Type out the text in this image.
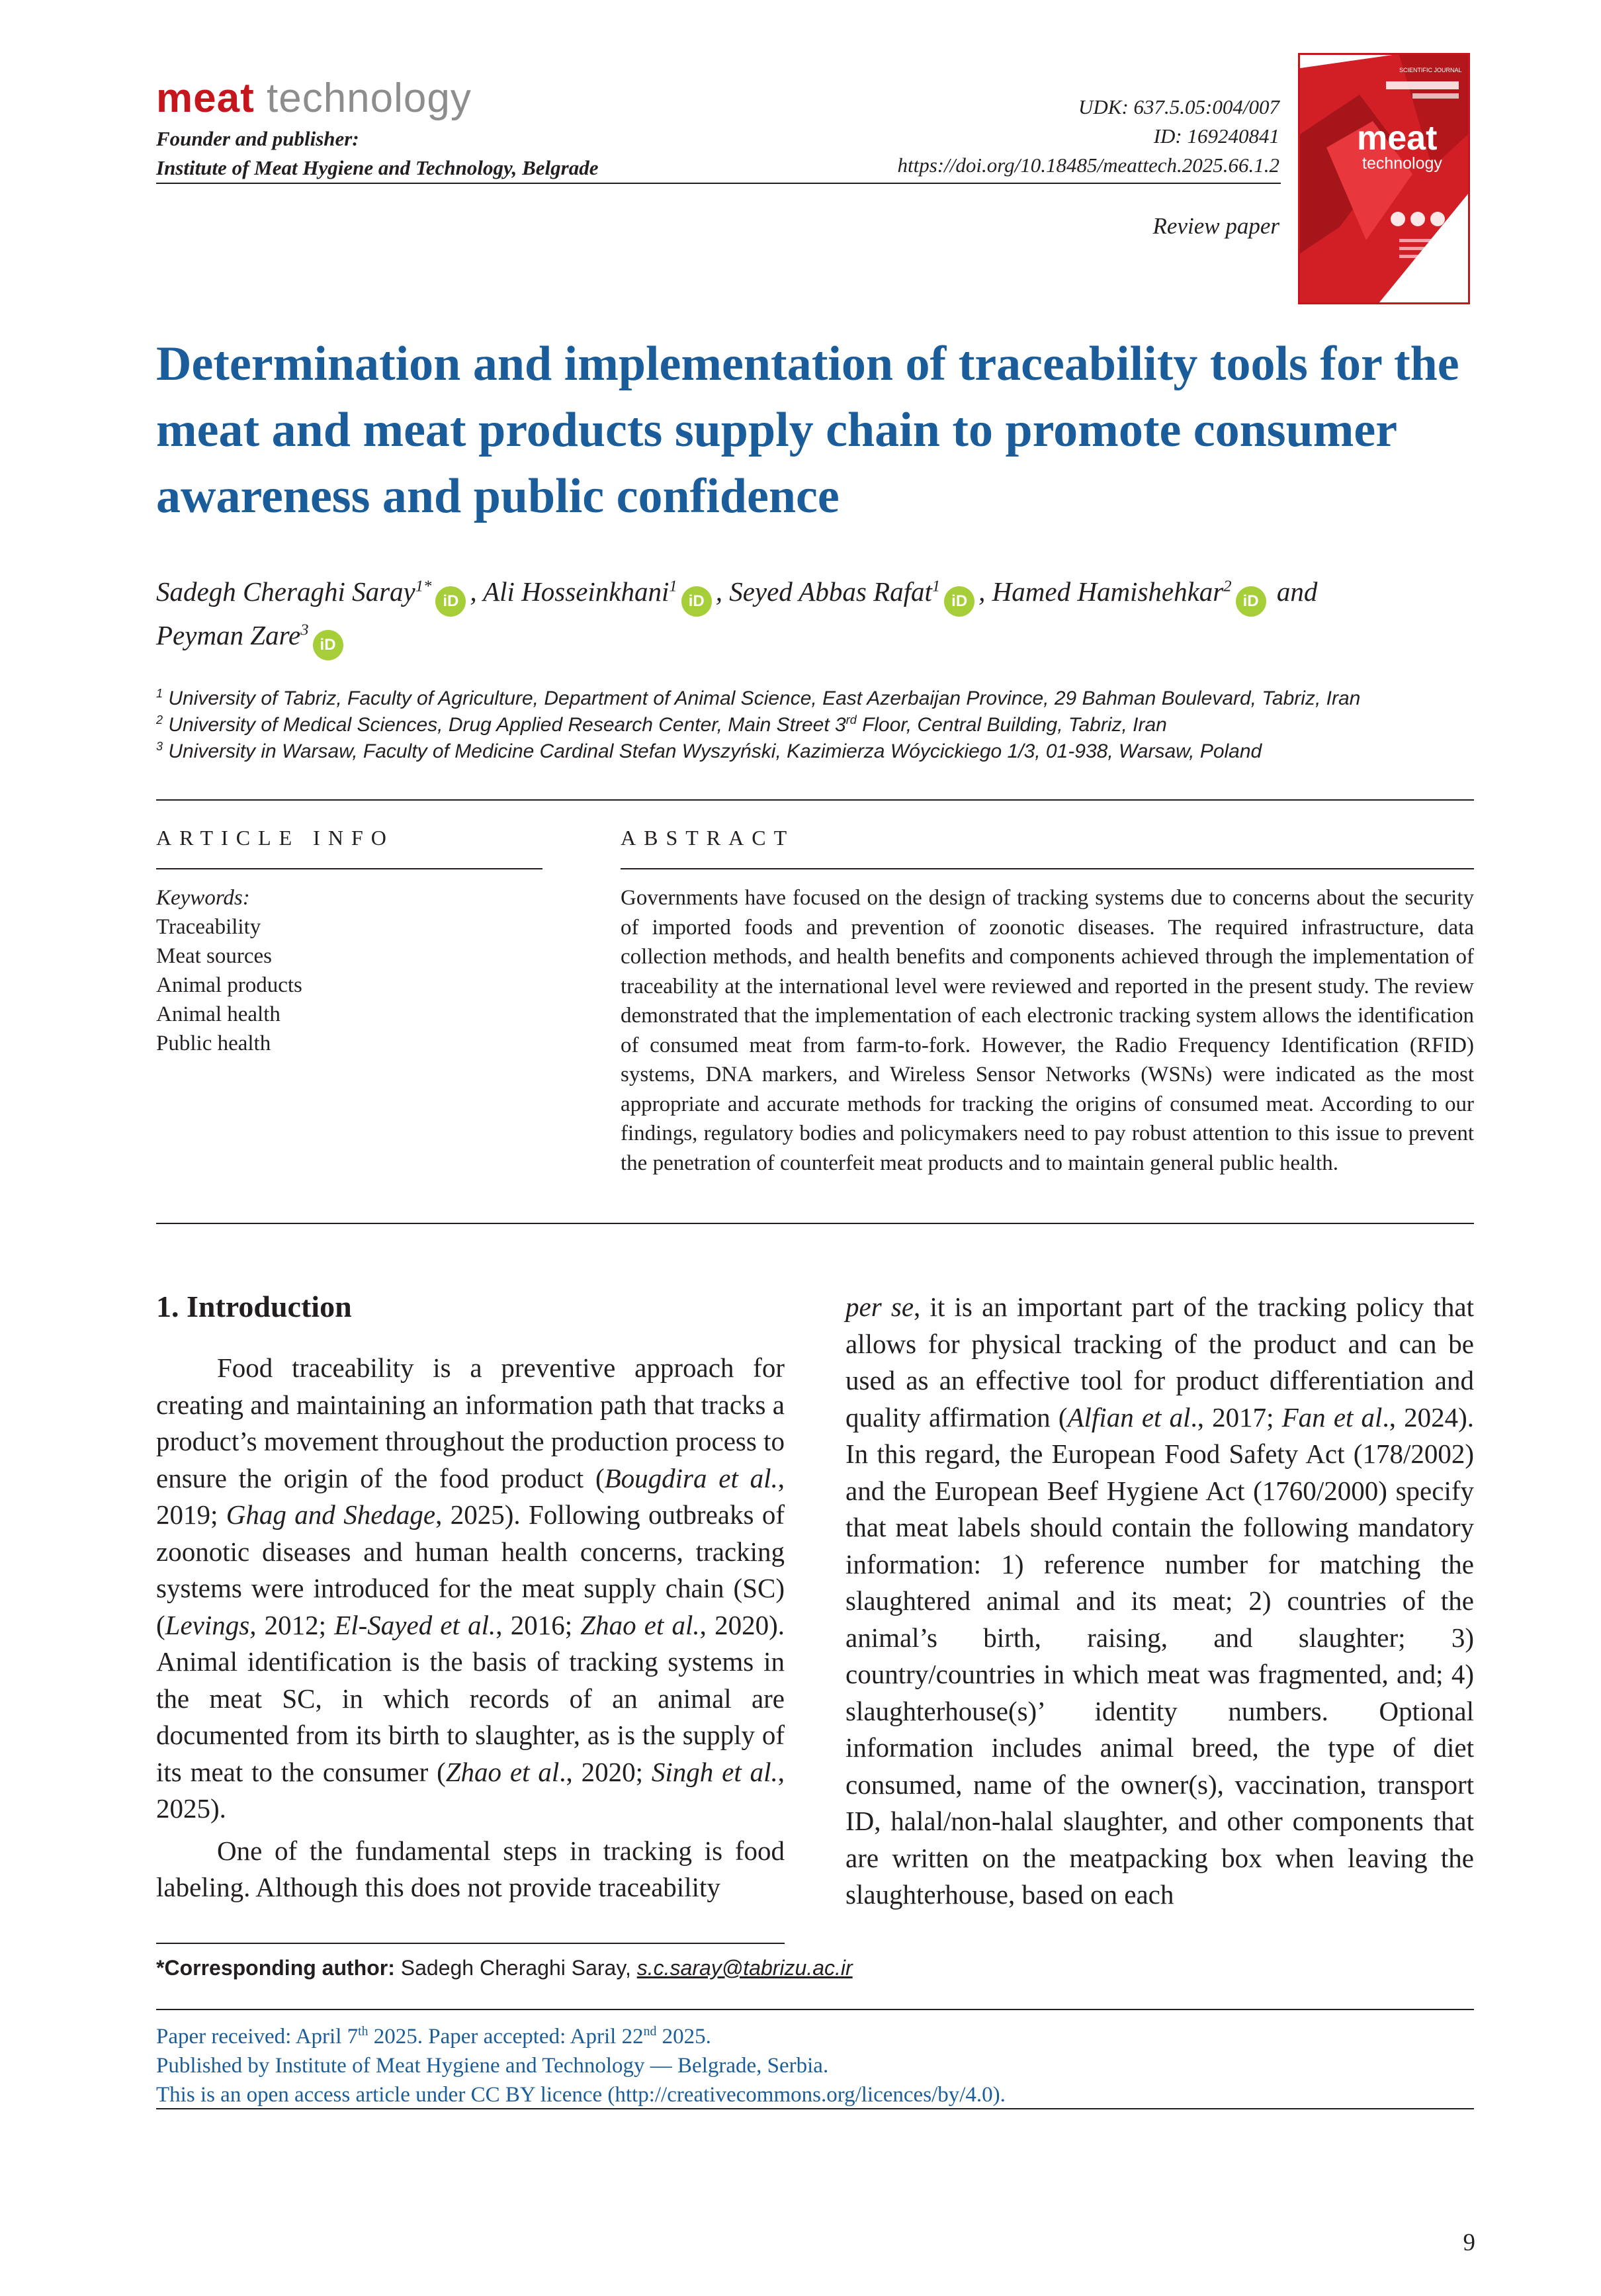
meat technology
Founder and publisher:
Institute of Meat Hygiene and Technology, Belgrade
UDK: 637.5.05:004/007
ID: 169240841
https://doi.org/10.18485/meattech.2025.66.1.2
Review paper
SCIENTIFIC JOURNAL
meat
technology
Determination and implementation of traceability tools for the meat and meat products supply chain to promote consumer awareness and public confidence
Sadegh Cheraghi Saray$^{1*}$iD , Ali Hosseinkhani$^1$iD , Seyed Abbas Rafat$^1$iD , Hamed Hamishehkar$^2$iD and
Peyman Zare$^3$iD
$^1$ University of Tabriz, Faculty of Agriculture, Department of Animal Science, East Azerbaijan Province, 29 Bahman Boulevard, Tabriz, Iran
$^2$ University of Medical Sciences, Drug Applied Research Center, Main Street 3rd Floor, Central Building, Tabriz, Iran
$^3$ University in Warsaw, Faculty of Medicine Cardinal Stefan Wyszyński, Kazimierza Wóycickiego 1/3, 01-938, Warsaw, Poland
ARTICLE INFO
Keywords:
Traceability
Meat sources
Animal products
Animal health
Public health
ABSTRACT
Governments have focused on the design of tracking systems due to concerns about the security of imported foods and prevention of zoonotic diseases. The required infrastructure, data collection methods, and health benefits and components achieved through the implementation of traceability at the international level were reviewed and reported in the present study. The review demonstrated that the implementation of each electronic tracking system allows the identification of consumed meat from farm-to-fork. However, the Radio Frequency Identification (RFID) systems, DNA markers, and Wireless Sensor Networks (WSNs) were indicated as the most appropriate and accurate methods for tracking the origins of consumed meat. According to our findings, regulatory bodies and policymakers need to pay robust attention to this issue to prevent the penetration of counterfeit meat products and to maintain general public health.
1. Introduction

Food traceability is a preventive approach for creating and maintaining an information path that tracks a product’s movement throughout the production process to ensure the origin of the food product (Bougdira et al., 2019; Ghag and Shedage, 2025). Following outbreaks of zoonotic diseases and human health concerns, tracking systems were introduced for the meat supply chain (SC) (Levings, 2012; El-Sayed et al., 2016; Zhao et al., 2020). Animal identification is the basis of tracking systems in the meat SC, in which records of an animal are documented from its birth to slaughter, as is the supply of its meat to the consumer (Zhao et al., 2020; Singh et al., 2025).

One of the fundamental steps in tracking is food labeling. Although this does not provide traceability

per se, it is an important part of the tracking policy that allows for physical tracking of the product and can be used as an effective tool for product differentiation and quality affirmation (Alfian et al., 2017; Fan et al., 2024). In this regard, the European Food Safety Act (178/2002) and the European Beef Hygiene Act (1760/2000) specify that meat labels should contain the following mandatory information: 1) reference number for matching the slaughtered animal and its meat; 2) countries of the animal’s birth, raising, and slaughter; 3) country/countries in which meat was fragmented, and; 4) slaughterhouse(s)’ identity numbers. Optional information includes animal breed, the type of diet consumed, name of the owner(s), vaccination, transport ID, halal/non-halal slaughter, and other components that are written on the meatpacking box when leaving the slaughterhouse, based on each

*Corresponding author: Sadegh Cheraghi Saray, s.c.saray@tabrizu.ac.ir
Paper received: April 7th 2025. Paper accepted: April 22nd 2025.
Published by Institute of Meat Hygiene and Technology — Belgrade, Serbia.
This is an open access article under CC BY licence (http://creativecommons.org/licences/by/4.0).
9
